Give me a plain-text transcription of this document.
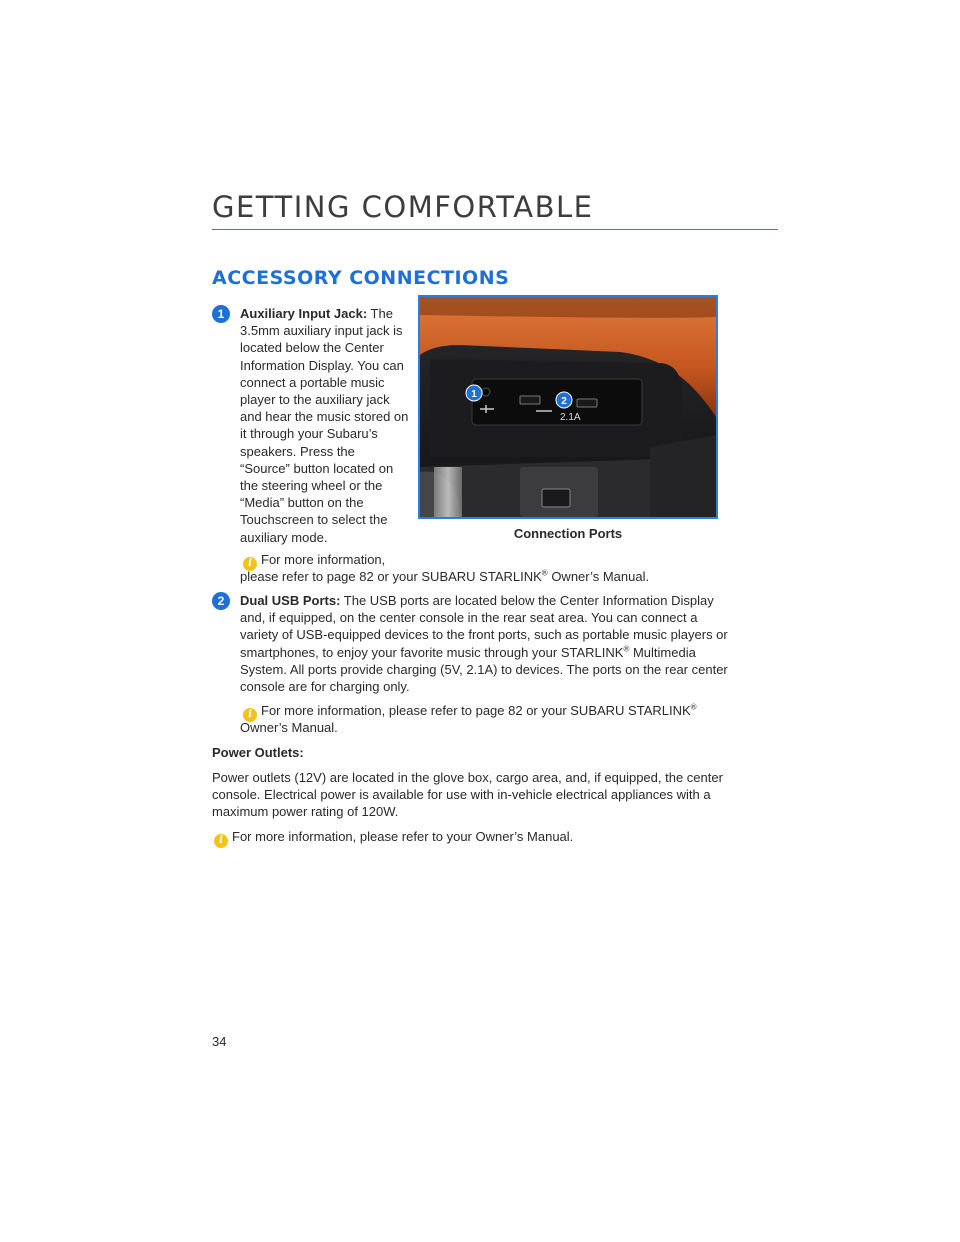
GETTING COMFORTABLE
ACCESSORY CONNECTIONS
1	Auxiliary Input Jack: The
3.5mm auxiliary input jack is
located below the Center
Information Display. You can
connect a portable music
player to the auxiliary jack
and hear the music stored on
it through your Subaru’s
speakers. Press the
“Source” button located on
the steering wheel or the
“Media” button on the
Touchscreen to select the
auxiliary mode.
i For more information,
please refer to page 82 or your SUBARU STARLINK® Owner’s Manual.
2.1A
1
2
Connection Ports
2	Dual USB Ports: The USB ports are located below the Center Information Display
and, if equipped, on the center console in the rear seat area. You can connect a
variety of USB-equipped devices to the front ports, such as portable music players or
smartphones, to enjoy your favorite music through your STARLINK® Multimedia
System. All ports provide charging (5V, 2.1A) to devices. The ports on the rear center
console are for charging only.
i For more information, please refer to page 82 or your SUBARU STARLINK®
Owner’s Manual.
Power Outlets:
Power outlets (12V) are located in the glove box, cargo area, and, if equipped, the center
console. Electrical power is available for use with in-vehicle electrical appliances with a
maximum power rating of 120W.
i For more information, please refer to your Owner’s Manual.
34
